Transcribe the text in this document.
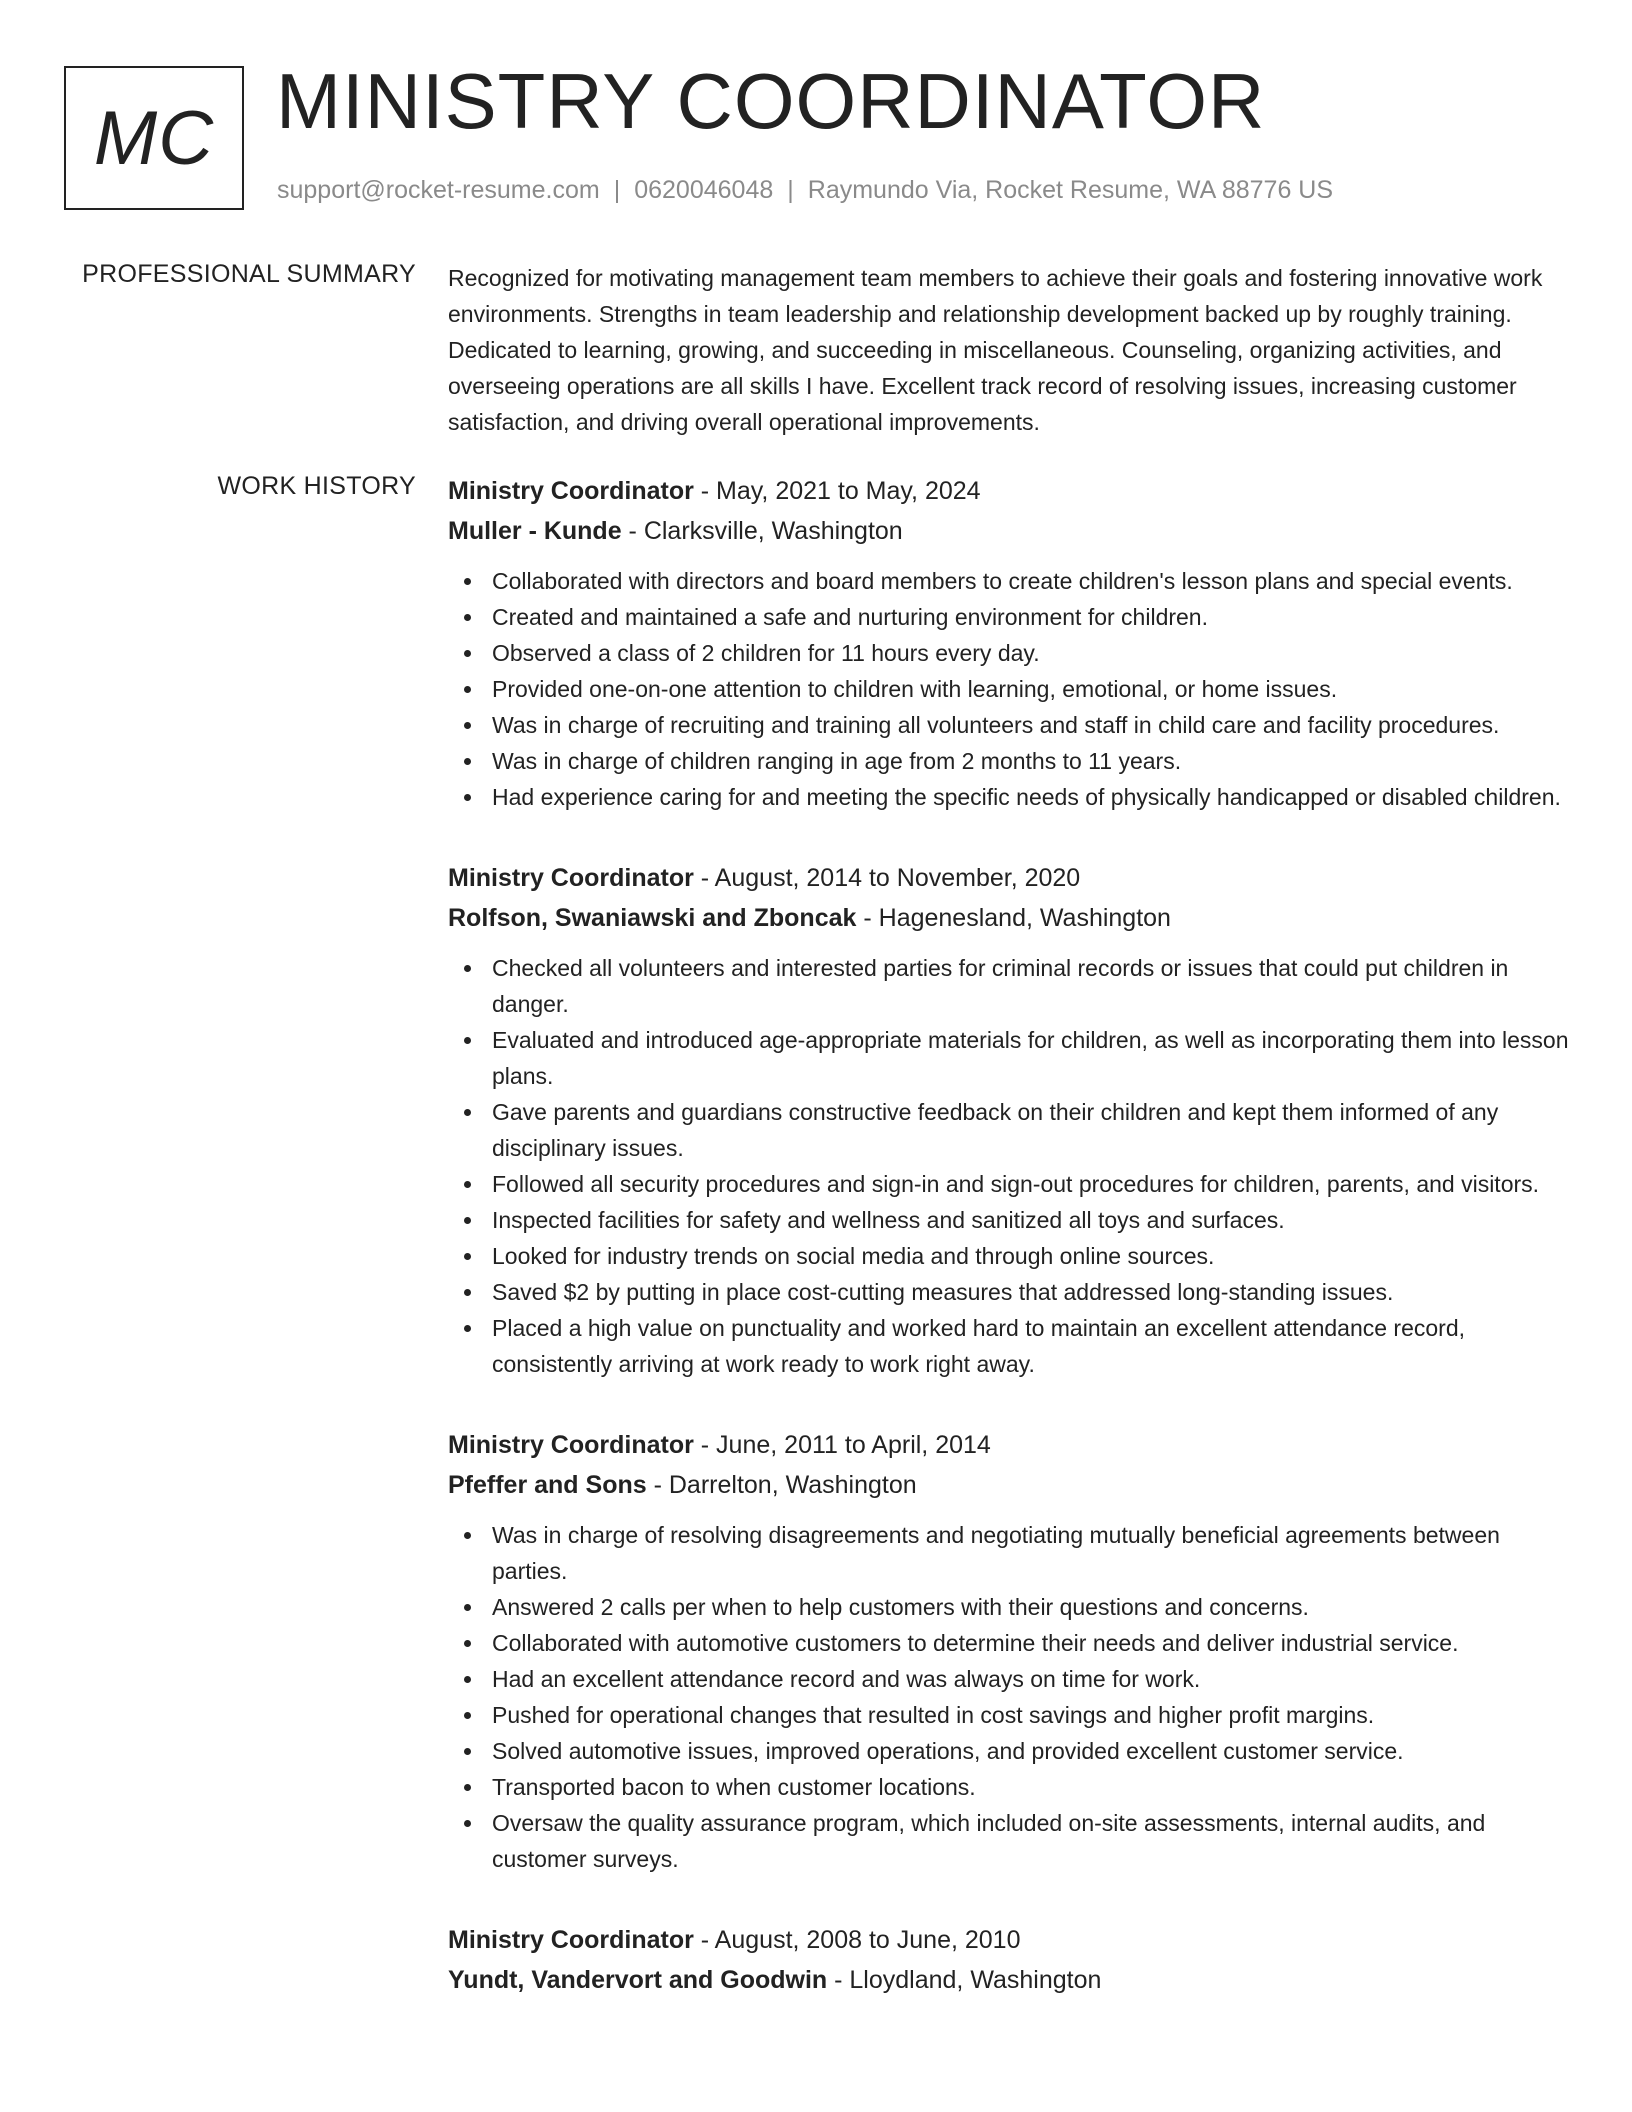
MC MINISTRY COORDINATOR
support@rocket-resume.com | 0620046048 | Raymundo Via, Rocket Resume, WA 88776 US
PROFESSIONAL SUMMARY Recognized for motivating management team members to achieve their goals and fostering innovative work environments. Strengths in team leadership and relationship development backed up by roughly training. Dedicated to learning, growing, and succeeding in miscellaneous. Counseling, organizing activities, and overseeing operations are all skills I have. Excellent track record of resolving issues, increasing customer satisfaction, and driving overall operational improvements.

WORK HISTORY Ministry Coordinator - May, 2021 to May, 2024
Muller - Kunde - Clarksville, Washington
Collaborated with directors and board members to create children's lesson plans and special events.
Created and maintained a safe and nurturing environment for children.
Observed a class of 2 children for 11 hours every day.
Provided one-on-one attention to children with learning, emotional, or home issues.
Was in charge of recruiting and training all volunteers and staff in child care and facility procedures.
Was in charge of children ranging in age from 2 months to 11 years.
Had experience caring for and meeting the specific needs of physically handicapped or disabled children.
Ministry Coordinator - August, 2014 to November, 2020
Rolfson, Swaniawski and Zboncak - Hagenesland, Washington
Checked all volunteers and interested parties for criminal records or issues that could put children in danger.
Evaluated and introduced age-appropriate materials for children, as well as incorporating them into lesson plans.
Gave parents and guardians constructive feedback on their children and kept them informed of any disciplinary issues.
Followed all security procedures and sign-in and sign-out procedures for children, parents, and visitors.
Inspected facilities for safety and wellness and sanitized all toys and surfaces.
Looked for industry trends on social media and through online sources.
Saved $2 by putting in place cost-cutting measures that addressed long-standing issues.
Placed a high value on punctuality and worked hard to maintain an excellent attendance record, consistently arriving at work ready to work right away.
Ministry Coordinator - June, 2011 to April, 2014
Pfeffer and Sons - Darrelton, Washington
Was in charge of resolving disagreements and negotiating mutually beneficial agreements between parties.
Answered 2 calls per when to help customers with their questions and concerns.
Collaborated with automotive customers to determine their needs and deliver industrial service.
Had an excellent attendance record and was always on time for work.
Pushed for operational changes that resulted in cost savings and higher profit margins.
Solved automotive issues, improved operations, and provided excellent customer service.
Transported bacon to when customer locations.
Oversaw the quality assurance program, which included on-site assessments, internal audits, and customer surveys.
Ministry Coordinator - August, 2008 to June, 2010
Yundt, Vandervort and Goodwin - Lloydland, Washington
